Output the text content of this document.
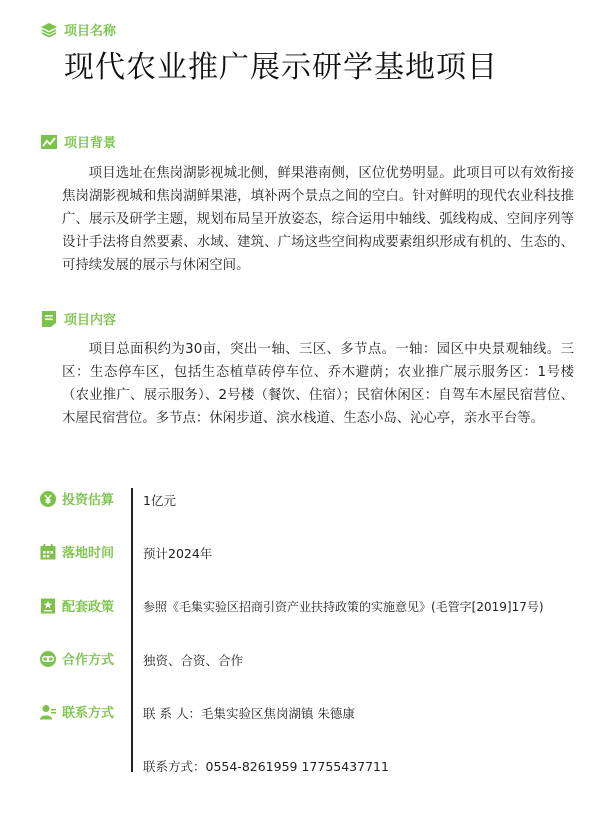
项目名称
现代农业推广展示研学基地项目
项目背景
项目选址在焦岗湖影视城北侧，鲜果港南侧，区位优势明显。此项目可以有效衔接焦岗湖影视城和焦岗湖鲜果港，填补两个景点之间的空白。针对鲜明的现代农业科技推广、展示及研学主题，规划布局呈开放姿态，综合运用中轴线、弧线构成、空间序列等设计手法将自然要素、水域、建筑、广场这些空间构成要素组织形成有机的、生态的、可持续发展的展示与休闲空间。
项目内容
项目总面积约为30亩，突出一轴、三区、多节点。一轴：园区中央景观轴线。三区：生态停车区，包括生态植草砖停车位、乔木避荫；农业推广展示服务区：1号楼（农业推广、展示服务）、2号楼（餐饮、住宿）；民宿休闲区：自驾车木屋民宿营位、木屋民宿营位。多节点：休闲步道、滨水栈道、生态小岛、沁心亭，亲水平台等。
投资估算 1亿元
落地时间 预计2024年
配套政策 参照《毛集实验区招商引资产业扶持政策的实施意见》(毛管字[2019]17号)
合作方式 独资、合资、合作
联系方式 联 系 人：毛集实验区焦岗湖镇 朱德康
联系方式：0554-8261959 17755437711
